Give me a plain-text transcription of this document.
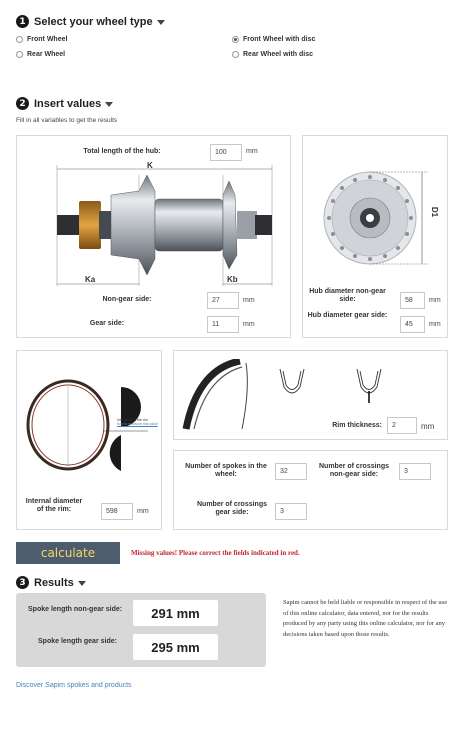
1 Select your wheel type
Front Wheel	Front Wheel with disc
Rear Wheel	Rear Wheel with disc
2 Insert values
Fill in all variables to get the results
Total length of the hub:
100	mm
K
Ka	Kb
Non-gear side:
27	mm
Gear side:
11	mm
D1
Hub diameter non-gear side:
58	mm
Hub diameter gear side:
45
mm
internal Ø of the rim
how to measure this value
Internal diameter of the rim:
598	mm
Rim thickness:
2	mm
Number of spokes in the wheel:
32
Number of crossings non-gear side:
3
Number of crossings gear side:
3
calculate	Missing values! Please correct the fields indicated in red.
3 Results
Spoke length non-gear side:	291 mm
Spoke length gear side:	295 mm
Sapim cannot be held liable or responsible in respect of the use of this online calculator, data entered, nor for the results produced by any party using this online calculator, nor for any decisions taken based upon those results.
Discover Sapim spokes and products
